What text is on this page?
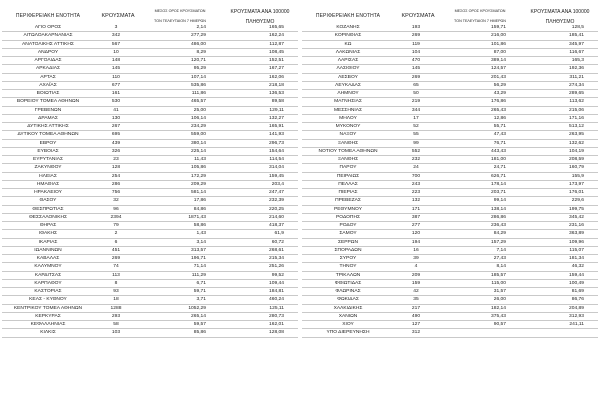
ΠΕΡΙΦΕΡΕΙΑΚΗ ΕΝΟΤΗΤΑ	ΚΡΟΥΣΜΑΤΑ
ΜΕΣΟΣ ΟΡΟΣ ΚΡΟΥΣΜΑΤΩΝ

ΤΟΝ ΤΕΛΕΥΤΑΙΟΝ 7 ΗΜΕΡΩΝ
ΚΡΟΥΣΜΑΤΑ ΑΝΑ 100000

ΠΛΗΘΥΣΜΟ
ΑΓΙΟ ΟΡΟΣ	3	2,14	165,65
ΑΙΤΩΛΟΑΚΑΡΝΑΝΙΑΣ	342	277,29	162,24
ΑΝΑΤΟΛΙΚΗΣ ΑΤΤΙΚΗΣ	567	486,00	112,87
ΑΝΔΡΟΥ	10	8,29	108,45
ΑΡΓΟΛΙΔΑΣ	148	120,71	152,51
ΑΡΚΑΔΙΑΣ	145	95,29	167,27
ΑΡΤΑΣ	110	107,14	162,06
ΑΧΑΪΑΣ	677	535,86	218,18
ΒΟΙΩΤΙΑΣ	161	111,86	136,53
ΒΟΡΕΙΟΥ ΤΟΜΕΑ ΑΘΗΝΩΝ	530	465,57	89,58
ΓΡΕΒΕΝΩΝ	41	25,00	129,11
ΔΡΑΜΑΣ	130	106,14	132,27
ΔΥΤΙΚΗΣ ΑΤΤΙΚΗΣ	267	234,29	165,91
ΔΥΤΙΚΟΥ ΤΟΜΕΑ ΑΘΗΝΩΝ	695	559,00	141,93
ΕΒΡΟΥ	439	380,14	296,73
ΕΥΒΟΙΑΣ	326	225,14	154,64
ΕΥΡΥΤΑΝΙΑΣ	23	11,43	114,54
ΖΑΚΥΝΘΟΥ	128	105,86	314,04
ΗΛΕΙΑΣ	254	172,29	159,45
ΗΜΑΘΙΑΣ	286	209,29	203,4
ΗΡΑΚΛΕΙΟΥ	756	581,14	247,47
ΘΑΣΟΥ	32	17,86	232,39
ΘΕΣΠΡΩΤΙΑΣ	96	84,86	220,25
ΘΕΣΣΑΛΟΝΙΚΗΣ	2394	1871,43	214,60
ΘΗΡΑΣ	79	58,86	418,37
ΙΘΑΚΗΣ	2	1,43	61,9
ΙΚΑΡΙΑΣ	6	3,14	60,72
ΙΩΑΝΝΙΝΩΝ	451	313,57	268,61
ΚΑΒΑΛΑΣ	269	196,71	215,34
ΚΑΛΥΜΝΟΥ	74	71,14	251,26
ΚΑΡΔΙΤΣΑΣ	113	111,29	99,52
ΚΑΡΠΑΘΟΥ	8	6,71	109,44
ΚΑΣΤΟΡΙΑΣ	93	59,71	184,81
ΚΕΑΣ - ΚΥΘΝΟΥ	18	3,71	460,24
ΚΕΝΤΡΙΚΟΥ ΤΟΜΕΑ ΑΘΗΝΩΝ	1288	1052,29	125,11
ΚΕΡΚΥΡΑΣ	293	265,14	280,73
ΚΕΦΑΛΛΗΝΙΑΣ	58	59,57	162,01
ΚΙΛΚΙΣ	103	85,86	128,08
ΠΕΡΙΦΕΡΕΙΑΚΗ ΕΝΟΤΗΤΑ	ΚΡΟΥΣΜΑΤΑ
ΜΕΣΟΣ ΟΡΟΣ ΚΡΟΥΣΜΑΤΩΝ

ΤΟΝ ΤΕΛΕΥΤΑΙΟΝ 7 ΗΜΕΡΩΝ
ΚΡΟΥΣΜΑΤΑ ΑΝΑ 100000

ΠΛΗΘΥΣΜΟ
ΚΟΖΑΝΗΣ	193	159,71	128,5
ΚΟΡΙΝΘΙΑΣ	269	216,00	185,41
ΚΩ	119	101,86	345,97
ΛΑΚΩΝΙΑΣ	104	87,00	116,67
ΛΑΡΙΣΑΣ	470	389,14	165,3
ΛΑΣΙΘΙΟΥ	145	124,57	192,36
ΛΕΣΒΟΥ	269	201,43	311,21
ΛΕΥΚΑΔΑΣ	65	56,29	274,34
ΛΗΜΝΟΥ	50	43,29	289,65
ΜΑΓΝΗΣΙΑΣ	219	176,86	113,62
ΜΕΣΣΗΝΙΑΣ	344	265,43	215,06
ΜΗΛΟΥ	17	12,86	171,16
ΜΥΚΟΝΟΥ	52	55,71	513,12
ΝΑΞΟΥ	55	47,43	263,95
ΞΑΝΘΗΣ	99	76,71	132,62
ΝΟΤΙΟΥ ΤΟΜΕΑ ΑΘΗΝΩΝ	552	443,43	104,19
ΞΑΝΘΗΣ	232	181,00	208,59
ΠΑΡΟΥ	24	24,71	160,79
ΠΕΙΡΑΙΩΣ	700	626,71	155,9
ΠΕΛΛΑΣ	243	178,14	173,97
ΠΙΕΡΙΑΣ	223	203,71	176,01
ΠΡΕΒΕΖΑΣ	132	99,14	229,6
ΡΕΘΥΜΝΟΥ	171	138,14	199,75
ΡΟΔΟΠΗΣ	387	286,86	345,42
ΡΟΔΟΥ	277	236,43	231,16
ΣΑΜΟΥ	120	84,29	363,89
ΣΕΡΡΩΝ	194	157,29	109,96
ΣΠΟΡΑΔΩΝ	16	7,14	115,07
ΣΥΡΟΥ	39	27,43	181,34
ΤΗΝΟΥ	4	8,14	46,32
ΤΡΙΚΑΛΩΝ	209	185,57	159,44
ΦΘΙΩΤΙΔΑΣ	159	115,00	100,49
ΦΛΩΡΙΝΑΣ	42	31,57	81,69
ΦΩΚΙΔΑΣ	35	26,00	86,76
ΧΑΛΚΙΔΙΚΗΣ	217	182,14	204,89
ΧΑΝΙΩΝ	490	375,43	312,93
ΧΙΟΥ	127	90,57	241,11
ΥΠΟ ΔΙΕΡΕΥΝΗΣΗ	312
